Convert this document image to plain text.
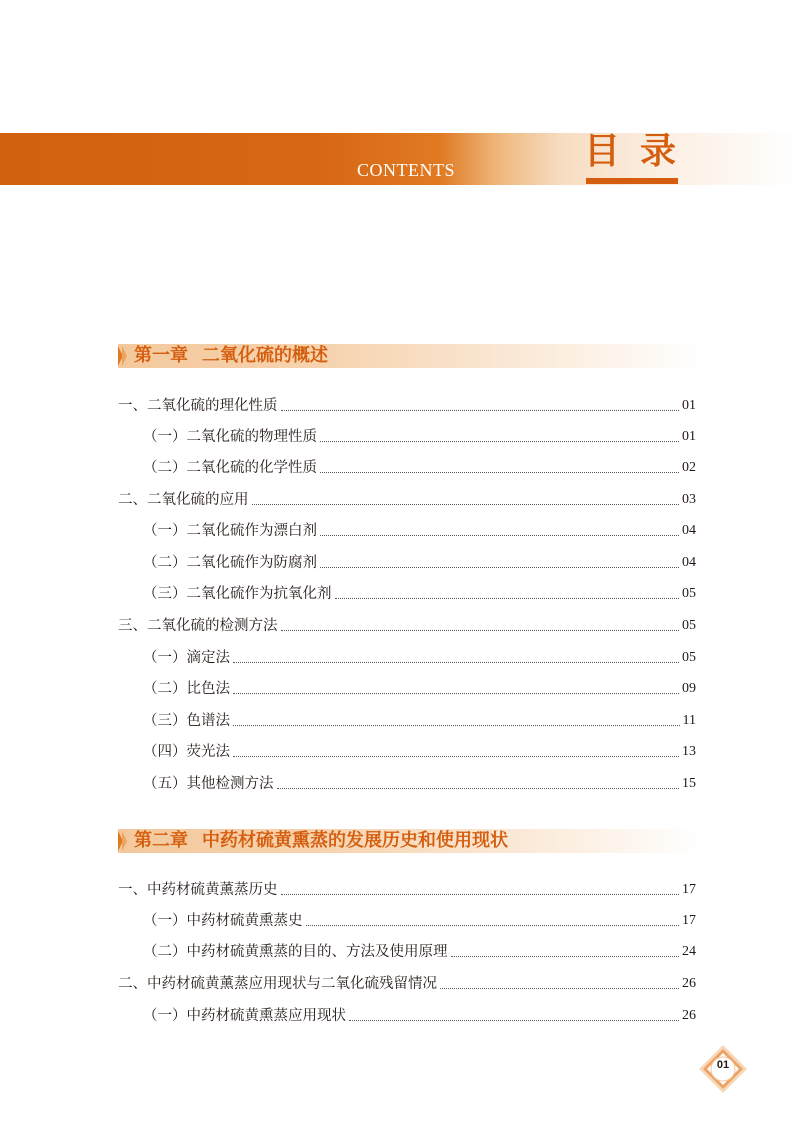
CONTENTS	目录
第一章 二氧化硫的概述
一、二氧化硫的理化性质	01
（一）二氧化硫的物理性质	01
（二）二氧化硫的化学性质	02
二、二氧化硫的应用	03
（一）二氧化硫作为漂白剂	04
（二）二氧化硫作为防腐剂	04
（三）二氧化硫作为抗氧化剂	05
三、二氧化硫的检测方法	05
（一）滴定法	05
（二）比色法	09
（三）色谱法	11
（四）荧光法	13
（五）其他检测方法	15
第二章 中药材硫黄熏蒸的发展历史和使用现状
一、中药材硫黄薰蒸历史	17
（一）中药材硫黄熏蒸史	17
（二）中药材硫黄熏蒸的目的、方法及使用原理	24
二、中药材硫黄薰蒸应用现状与二氧化硫残留情况	26
（一）中药材硫黄熏蒸应用现状	26
01
